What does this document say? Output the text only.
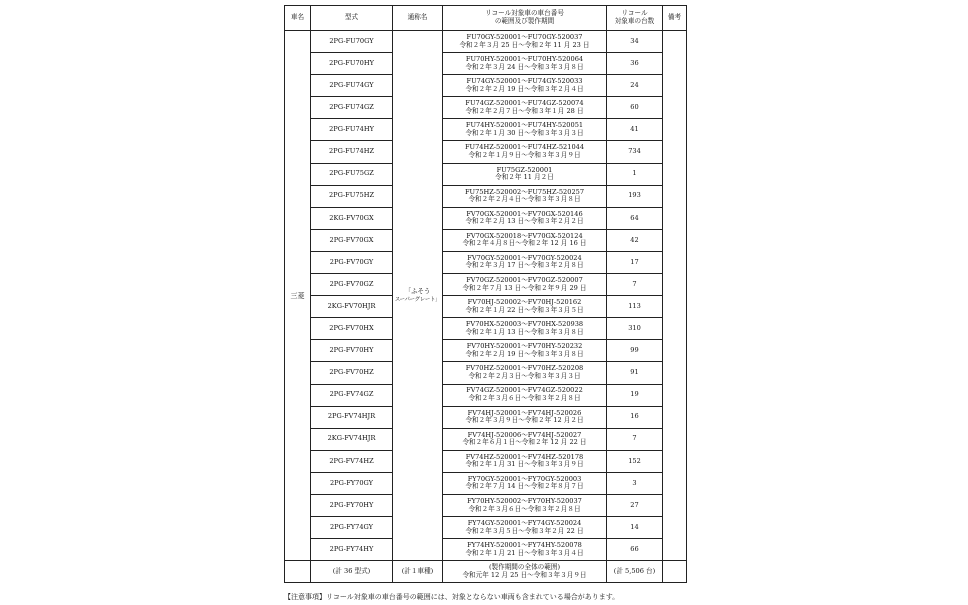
車名	型式	通称名	リコール対象車の車台番号
の範囲及び製作期間	リコール
対象車の台数	備考
三菱	2PG-FU70GY	「ふそう
スーパーグレート」	FU70GY-520001～FU70GY-520037
令和２年３月 25 日～令和２年 11 月 23 日	34	
	2PG-FU70HY		FU70HY-520001～FU70HY-520064
令和２年３月 24 日～令和３年３月８日	36	
	2PG-FU74GY		FU74GY-520001～FU74GY-520033
令和２年２月 19 日～令和３年２月４日	24	
	2PG-FU74GZ		FU74GZ-520001～FU74GZ-520074
令和２年２月７日～令和３年１月 28 日	60	
	2PG-FU74HY		FU74HY-520001～FU74HY-520051
令和２年１月 30 日～令和３年３月３日	41	
	2PG-FU74HZ		FU74HZ-520001～FU74HZ-521044
令和２年１月９日～令和３年３月９日	734	
	2PG-FU75GZ		FU75GZ-520001
令和２年 11 月２日	1	
	2PG-FU75HZ		FU75HZ-520002～FU75HZ-520257
令和２年２月４日～令和３年３月８日	193	
	2KG-FV70GX		FV70GX-520001～FV70GX-520146
令和２年２月 13 日～令和３年２月２日	64	
	2PG-FV70GX		FV70GX-520018～FV70GX-520124
令和２年４月８日～令和２年 12 月 16 日	42	
	2PG-FV70GY		FV70GY-520001～FV70GY-520024
令和２年３月 17 日～令和３年２月８日	17	
	2PG-FV70GZ		FV70GZ-520001～FV70GZ-520007
令和２年７月 13 日～令和２年９月 29 日	7	
	2KG-FV70HJR		FV70HJ-520002～FV70HJ-520162
令和２年１月 22 日～令和３年３月５日	113	
	2PG-FV70HX		FV70HX-520003～FV70HX-520938
令和２年１月 13 日～令和３年３月８日	310	
	2PG-FV70HY		FV70HY-520001～FV70HY-520232
令和２年２月 19 日～令和３年３月８日	99	
	2PG-FV70HZ		FV70HZ-520001～FV70HZ-520208
令和２年２月３日～令和３年３月３日	91	
	2PG-FV74GZ		FV74GZ-520001～FV74GZ-520022
令和２年３月６日～令和３年２月８日	19	
	2PG-FV74HJR		FV74HJ-520001～FV74HJ-520026
令和２年３月９日～令和２年 12 月２日	16	
	2KG-FV74HJR		FV74HJ-520006～FV74HJ-520027
令和２年６月１日～令和２年 12 月 22 日	7	
	2PG-FV74HZ		FV74HZ-520001～FV74HZ-520178
令和２年１月 31 日～令和３年３月９日	152	
	2PG-FY70GY		FY70GY-520001～FY70GY-520003
令和２年７月 14 日～令和２年８月７日	3	
	2PG-FY70HY		FY70HY-520002～FY70HY-520037
令和２年３月６日～令和３年２月８日	27	
	2PG-FY74GY		FY74GY-520001～FY74GY-520024
令和２年３月５日～令和３年２月 22 日	14	
	2PG-FY74HY		FY74HY-520001～FY74HY-520078
令和２年１月 21 日～令和３年３月４日	66	
	(計 36 型式)	(計１車種)	(製作期間の全体の範囲)
令和元年 12 月 25 日～令和３年３月９日	(計 5,506 台)	
【注意事項】リコール対象車の車台番号の範囲には、対象とならない車両も含まれている場合があります。
